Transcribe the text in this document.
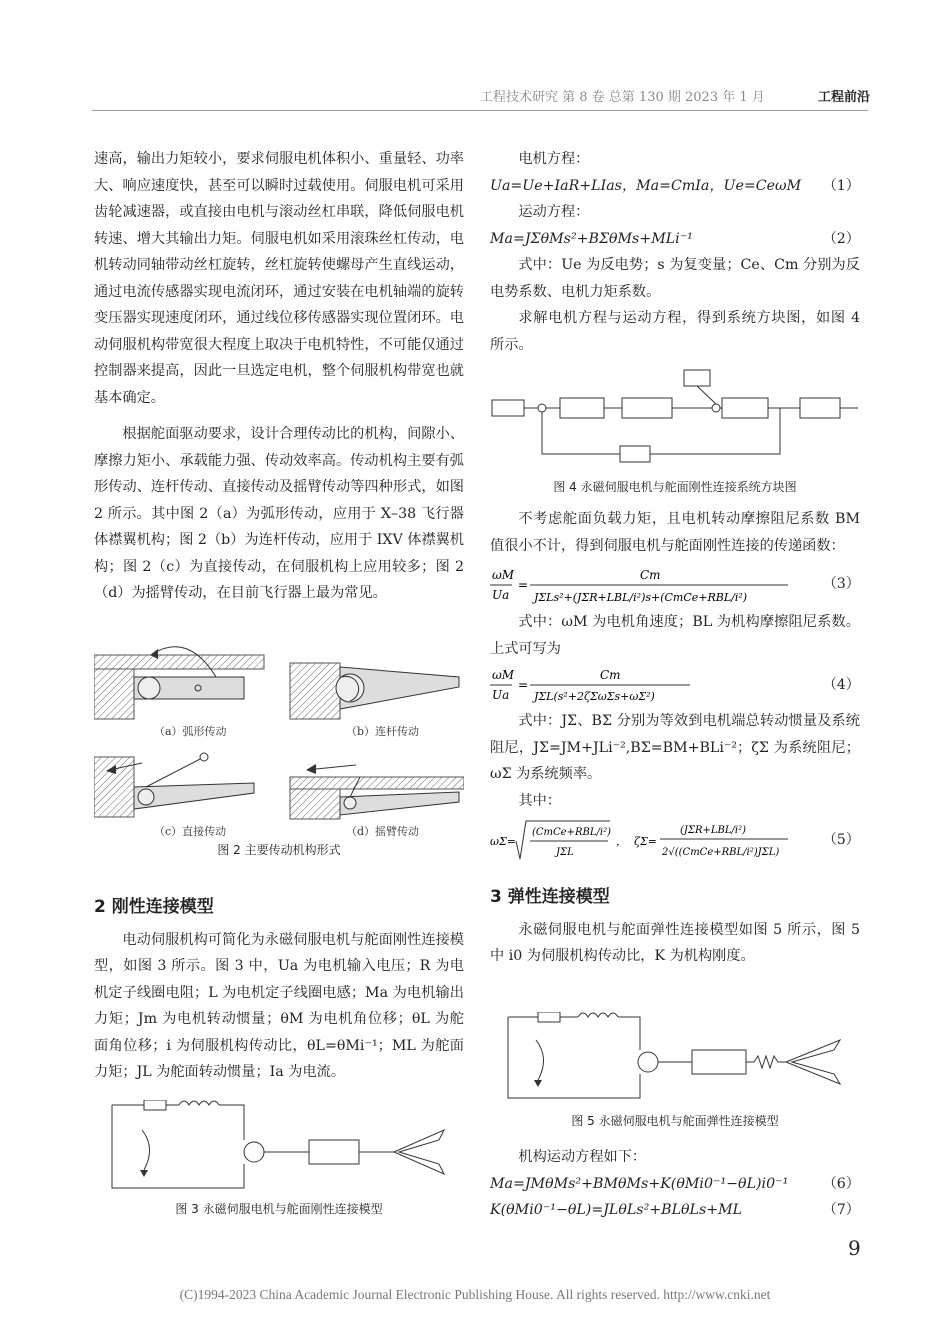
工程技术研究 第 8 卷 总第 130 期 2023 年 1 月	工程前沿

速高，输出力矩较小，要求伺服电机体积小、重量轻、功率大、响应速度快，甚至可以瞬时过载使用。伺服电机可采用齿轮减速器，或直接由电机与滚动丝杠串联，降低伺服电机转速、增大其输出力矩。伺服电机如采用滚珠丝杠传动，电机转动同轴带动丝杠旋转，丝杠旋转使螺母产生直线运动，通过电流传感器实现电流闭环，通过安装在电机轴端的旋转变压器实现速度闭环，通过线位移传感器实现位置闭环。电动伺服机构带宽很大程度上取决于电机特性，不可能仅通过控制器来提高，因此一旦选定电机，整个伺服机构带宽也就基本确定。

根据舵面驱动要求，设计合理传动比的机构，间隙小、摩擦力矩小、承载能力强、传动效率高。传动机构主要有弧形传动、连杆传动、直接传动及摇臂传动等四种形式，如图 2 所示。其中图 2（a）为弧形传动，应用于 X–38 飞行器体襟翼机构；图 2（b）为连杆传动，应用于 IXV 体襟翼机构；图 2（c）为直接传动，在伺服机构上应用较多；图 2（d）为摇臂传动，在目前飞行器上最为常见。

（a）弧形传动	（b）连杆传动
（c）直接传动	（d）摇臂传动
图 2 主要传动机构形式

2 刚性连接模型

电动伺服机构可简化为永磁伺服电机与舵面刚性连接模型，如图 3 所示。图 3 中，Ua 为电机输入电压；R 为电机定子线圈电阻；L 为电机定子线圈电感；Ma 为电机输出力矩；Jm 为电机转动惯量；θM 为电机角位移；θL 为舵面角位移；i 为伺服机构传动比，θL=θMi⁻¹；ML 为舵面力矩；JL 为舵面转动惯量；Ia 为电流。

图 3 永磁伺服电机与舵面刚性连接模型

电机方程：

Ua=Ue+IaR+LIas，Ma=CmIa，Ue=CeωM （1）

运动方程：

Ma=JΣθMs²+BΣθMs+MLi⁻¹	（2）

式中：Ue 为反电势；s 为复变量；Ce、Cm 分别为反电势系数、电机力矩系数。

求解电机方程与运动方程，得到系统方块图，如图 4 所示。

图 4 永磁伺服电机与舵面刚性连接系统方块图

不考虑舵面负载力矩，且电机转动摩擦阻尼系数 BM 值很小不计，得到伺服电机与舵面刚性连接的传递函数：

ωM
Ua
=
Cm
JΣLs²+(JΣR+LBL/i²)s+(CmCe+RBL/i²)
（3）

式中：ωM 为电机角速度；BL 为机构摩擦阻尼系数。上式可写为

ωM
Ua
=
Cm
JΣL(s²+2ζΣωΣs+ωΣ²)
（4）

式中：JΣ、BΣ 分别为等效到电机端总转动惯量及系统阻尼，JΣ=JM+JLi⁻²,BΣ=BM+BLi⁻²；ζΣ 为系统阻尼；ωΣ 为系统频率。

其中：

ωΣ=
(CmCe+RBL/i²)
JΣL
， ζΣ=
(JΣR+LBL/i²)
2√((CmCe+RBL/i²)JΣL)
（5）

3 弹性连接模型

永磁伺服电机与舵面弹性连接模型如图 5 所示，图 5 中 i0 为伺服机构传动比，K 为机构刚度。

图 5 永磁伺服电机与舵面弹性连接模型

机构运动方程如下：

Ma=JMθMs²+BMθMs+K(θMi0⁻¹−θL)i0⁻¹ （6）
K(θMi0⁻¹−θL)=JLθLs²+BLθLs+ML	（7）
9
(C)1994-2023 China Academic Journal Electronic Publishing House. All rights reserved. http://www.cnki.net
